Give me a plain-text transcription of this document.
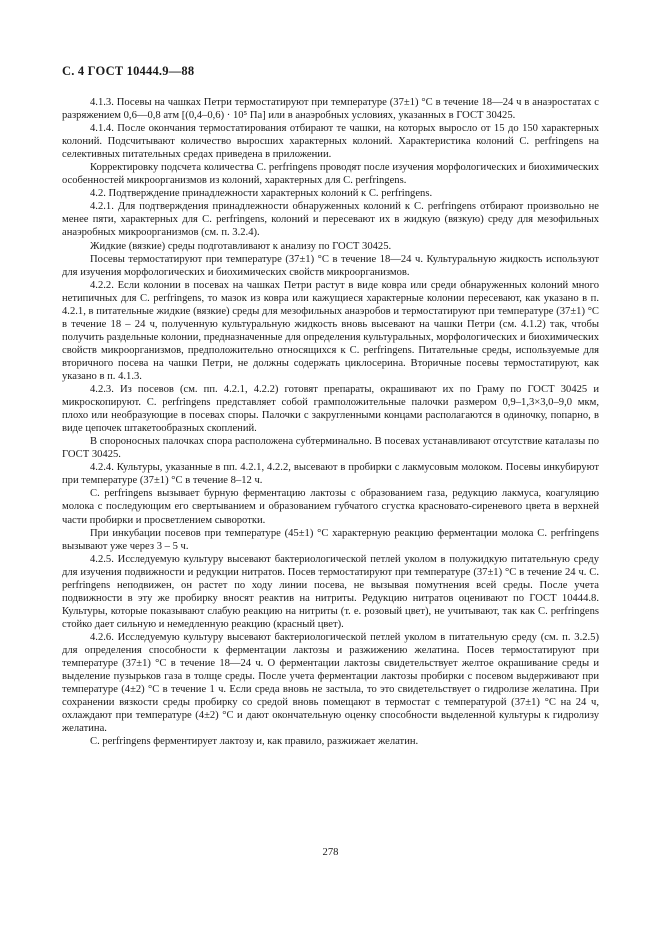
С. 4 ГОСТ 10444.9—88

4.1.3. Посевы на чашках Петри термостатируют при температуре (37±1) °С в течение 18—24 ч в анаэростатах с разряжением 0,6—0,8 атм [(0,4–0,6) · 10⁵ Па] или в анаэробных условиях, указанных в ГОСТ 30425.

4.1.4. После окончания термостатирования отбирают те чашки, на которых выросло от 15 до 150 характерных колоний. Подсчитывают количество выросших характерных колоний. Характеристика колоний С. perfringens на селективных питательных средах приведена в приложении.

Корректировку подсчета количества С. perfringens проводят после изучения морфологических и биохимических особенностей микроорганизмов из колоний, характерных для С. perfringens.

4.2. Подтверждение принадлежности характерных колоний к С. perfringens.

4.2.1. Для подтверждения принадлежности обнаруженных колоний к С. perfringens отбирают произвольно не менее пяти, характерных для С. perfringens, колоний и пересевают их в жидкую (вязкую) среду для мезофильных анаэробных микроорганизмов (см. п. 3.2.4).

Жидкие (вязкие) среды подготавливают к анализу по ГОСТ 30425.

Посевы термостатируют при температуре (37±1) °С в течение 18—24 ч. Культуральную жидкость используют для изучения морфологических и биохимических свойств микроорганизмов.

4.2.2. Если колонии в посевах на чашках Петри растут в виде ковра или среди обнаруженных колоний много нетипичных для С. perfringens, то мазок из ковра или кажущиеся характерные колонии пересевают, как указано в п. 4.2.1, в питательные жидкие (вязкие) среды для мезофильных анаэробов и термостатируют при температуре (37±1) °С в течение 18 – 24 ч, полученную культуральную жидкость вновь высевают на чашки Петри (см. 4.1.2) так, чтобы получить раздельные колонии, предназначенные для определения культуральных, морфологических и биохимических свойств микроорганизмов, предположительно относящихся к С. perfringens. Питательные среды, используемые для вторичного посева на чашки Петри, не должны содержать циклосерина. Вторичные посевы термостатируют, как указано в п. 4.1.3.

4.2.3. Из посевов (см. пп. 4.2.1, 4.2.2) готовят препараты, окрашивают их по Граму по ГОСТ 30425 и микроскопируют. С. perfringens представляет собой грамположительные палочки размером 0,9–1,3×3,0–9,0 мкм, плохо или необразующие в посевах споры. Палочки с закругленными концами располагаются в одиночку, попарно, в виде цепочек штакетообразных скоплений.

В спороносных палочках спора расположена субтерминально. В посевах устанавливают отсутствие каталазы по ГОСТ 30425.

4.2.4. Культуры, указанные в пп. 4.2.1, 4.2.2, высевают в пробирки с лакмусовым молоком. Посевы инкубируют при температуре (37±1) °С в течение 8–12 ч.

С. perfringens вызывает бурную ферментацию лактозы с образованием газа, редукцию лакмуса, коагуляцию молока с последующим его свертыванием и образованием губчатого сгустка красновато-сиреневого цвета в верхней части пробирки и просветлением сыворотки.

При инкубации посевов при температуре (45±1) °С характерную реакцию ферментации молока С. perfringens вызывают уже через 3 – 5 ч.

4.2.5. Исследуемую культуру высевают бактериологической петлей уколом в полужидкую питательную среду для изучения подвижности и редукции нитратов. Посев термостатируют при температуре (37±1) °С в течение 24 ч. С. perfringens неподвижен, он растет по ходу линии посева, не вызывая помутнения всей среды. После учета подвижности в эту же пробирку вносят реактив на нитриты. Редукцию нитратов оценивают по ГОСТ 10444.8. Культуры, которые показывают слабую реакцию на нитриты (т. е. розовый цвет), не учитывают, так как С. perfringens стойко дает сильную и немедленную реакцию (красный цвет).

4.2.6. Исследуемую культуру высевают бактериологической петлей уколом в питательную среду (см. п. 3.2.5) для определения способности к ферментации лактозы и разжижению желатина. Посев термостатируют при температуре (37±1) °С в течение 18—24 ч. О ферментации лактозы свидетельствует желтое окрашивание среды и выделение пузырьков газа в толще среды. После учета ферментации лактозы пробирки с посевом выдерживают при температуре (4±2) °С в течение 1 ч. Если среда вновь не застыла, то это свидетельствует о гидролизе желатина. При сохранении вязкости среды пробирку со средой вновь помещают в термостат с температурой (37±1) °С на 24 ч, охлаждают при температуре (4±2) °С и дают окончательную оценку способности выделенной культуры к гидролизу желатина.

С. perfringens ферментирует лактозу и, как правило, разжижает желатин.

278
